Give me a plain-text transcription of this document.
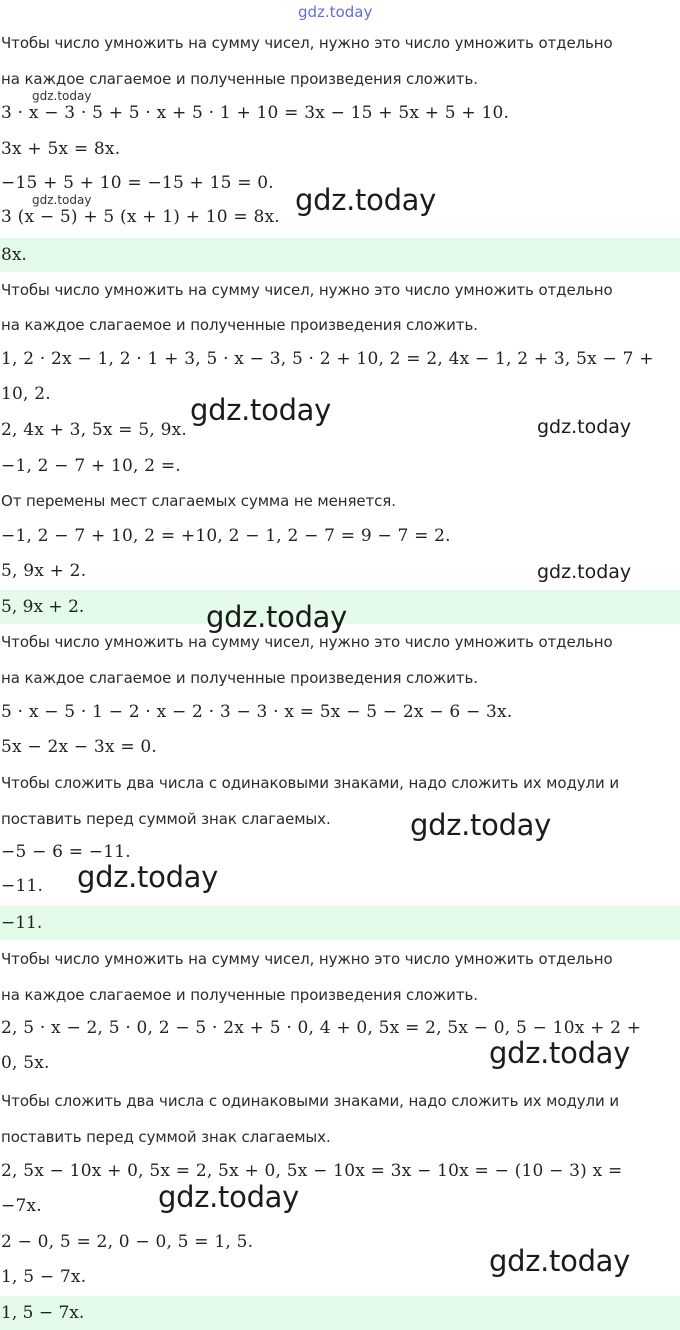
Чтобы число умножить на сумму чисел, нужно это число умножить отдельно
на каждое слагаемое и полученные произведения сложить.
3 · x − 3 · 5 + 5 · x + 5 · 1 + 10 = 3x − 15 + 5x + 5 + 10.
3x + 5x = 8x.
−15 + 5 + 10 = −15 + 15 = 0.
3 (x − 5) + 5 (x + 1) + 10 = 8x.
8x.
Чтобы число умножить на сумму чисел, нужно это число умножить отдельно
на каждое слагаемое и полученные произведения сложить.
1, 2 · 2x − 1, 2 · 1 + 3, 5 · x − 3, 5 · 2 + 10, 2 = 2, 4x − 1, 2 + 3, 5x − 7 +
10, 2.
2, 4x + 3, 5x = 5, 9x.
−1, 2 − 7 + 10, 2 =.
От перемены мест слагаемых сумма не меняется.
−1, 2 − 7 + 10, 2 = +10, 2 − 1, 2 − 7 = 9 − 7 = 2.
5, 9x + 2.
5, 9x + 2.
Чтобы число умножить на сумму чисел, нужно это число умножить отдельно
на каждое слагаемое и полученные произведения сложить.
5 · x − 5 · 1 − 2 · x − 2 · 3 − 3 · x = 5x − 5 − 2x − 6 − 3x.
5x − 2x − 3x = 0.
Чтобы сложить два числа с одинаковыми знаками, надо сложить их модули и
поставить перед суммой знак слагаемых.
−5 − 6 = −11.
−11.
−11.
Чтобы число умножить на сумму чисел, нужно это число умножить отдельно
на каждое слагаемое и полученные произведения сложить.
2, 5 · x − 2, 5 · 0, 2 − 5 · 2x + 5 · 0, 4 + 0, 5x = 2, 5x − 0, 5 − 10x + 2 +
0, 5x.
Чтобы сложить два числа с одинаковыми знаками, надо сложить их модули и
поставить перед суммой знак слагаемых.
2, 5x − 10x + 0, 5x = 2, 5x + 0, 5x − 10x = 3x − 10x = − (10 − 3) x =
−7x.
2 − 0, 5 = 2, 0 − 0, 5 = 1, 5.
1, 5 − 7x.
1, 5 − 7x.
gdz.today
gdz.today
gdz.today	gdz.today
gdz.today	gdz.today
gdz.today
gdz.today
gdz.today
gdz.today
gdz.today
gdz.today
gdz.today
